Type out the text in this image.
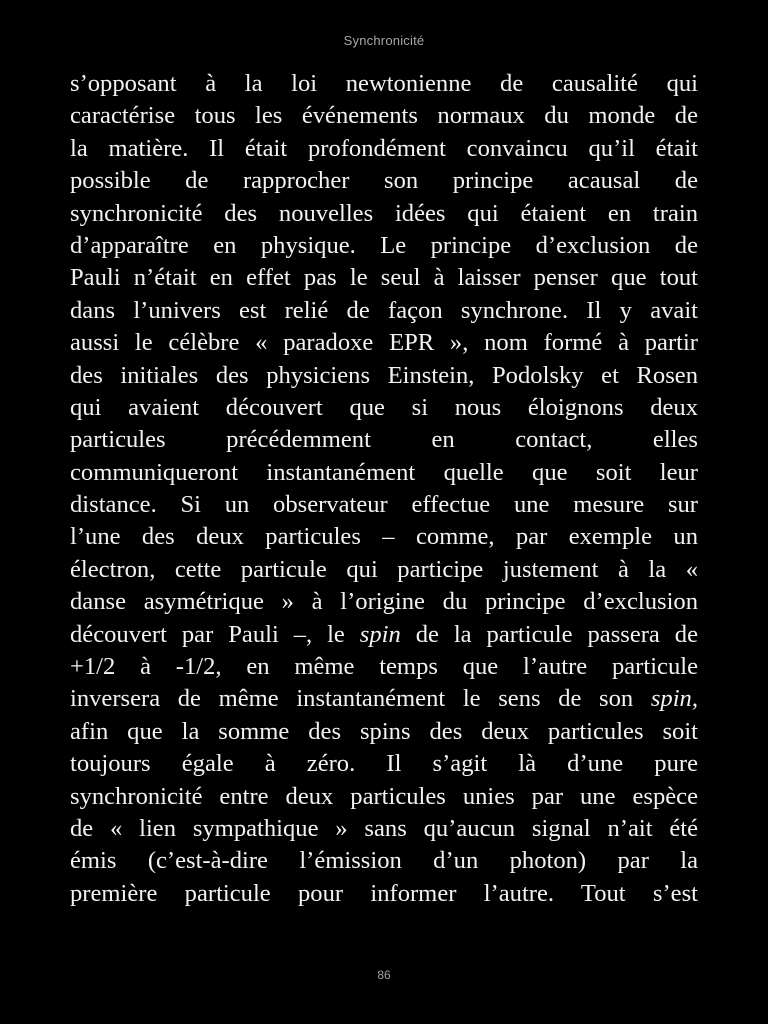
Synchronicité
s’opposant à la loi newtonienne de causalité qui
caractérise tous les événements normaux du monde de
la matière. Il était profondément convaincu qu’il était
possible de rapprocher son principe acausal de
synchronicité des nouvelles idées qui étaient en train
d’apparaître en physique. Le principe d’exclusion de
Pauli n’était en effet pas le seul à laisser penser que tout
dans l’univers est relié de façon synchrone. Il y avait
aussi le célèbre « paradoxe EPR », nom formé à partir
des initiales des physiciens Einstein, Podolsky et Rosen
qui avaient découvert que si nous éloignons deux
particules précédemment en contact, elles
communiqueront instantanément quelle que soit leur
distance. Si un observateur effectue une mesure sur
l’une des deux particules – comme, par exemple un
électron, cette particule qui participe justement à la «
danse asymétrique » à l’origine du principe d’exclusion
découvert par Pauli –, le spin de la particule passera de
+1/2 à -1/2, en même temps que l’autre particule
inversera de même instantanément le sens de son spin,
afin que la somme des spins des deux particules soit
toujours égale à zéro. Il s’agit là d’une pure
synchronicité entre deux particules unies par une espèce
de « lien sympathique » sans qu’aucun signal n’ait été
émis (c’est-à-dire l’émission d’un photon) par la
première particule pour informer l’autre. Tout s’est
86
